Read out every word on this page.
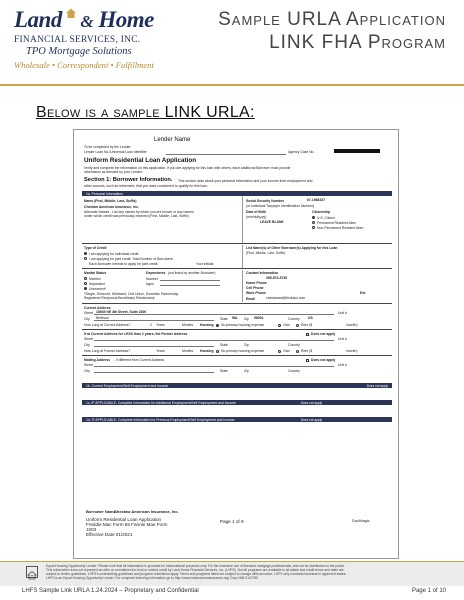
Land & Home
FINANCIAL SERVICES, INC.
TPO Mortgage Solutions
Wholesale • Correspondent • Fulfillment
Sample URLA Application
LINK FHA Program
Below is a sample LINK URLA:
Lender Name
To be completed by the Lender:
Lender Loan No./Universal Loan Identifier	Agency Case No.
Uniform Residential Loan Application
Verify and complete the information on this application. If you are applying for this loan with others, each additional Borrower must provide
information as directed by your Lender.
Section 1: Borrower Information. This section asks about your personal information and your income from employment and
other sources, such as retirement, that you want considered to qualify for this loan.
1a. Personal Information
Name (First, Middle, Last, Suffix)
Chectaw American Insurance, Inc.
Alternate Names - List any names by which you are known or any names
under which credit was previously received (First, Middle, Last, Suffix)
Social Security Number	67-1968337
(or Individual Taxpayer Identification Number)
Date of Birth
(mm/dd/yyyy)
LEAVE BLANK
Citizenship
U.S. Citizen
Permanent Resident Alien
Non-Permanent Resident Alien
Type of Credit
I am applying for individual credit.
I am applying for joint credit. Total Number of Borrowers:
Each Borrower intends to apply for joint credit.	Your initials:
List Name(s) of Other Borrower(s) Applying for this Loan
(First, Middle, Last, Suffix)
Marital Status
Married
Separated
Unmarried*
*Single, Divorced, Widowed, Civil Union, Domestic Partnership,
Registered Reciprocal Beneficiary Relationship
Dependents (not listed by another Borrower)
Number
Ages
Contact Information
355-873-5745
Home Phone
Cell Phone
Work Phone	Ext.
Email	chectawsai@frinksko.com
Current Address
Street 18945 NE 4th Street, Suite 2300	Unit #
City Bellevue	State WA Zip 98004	Country US
How Long at Current Address?	2 Years	Months Housing No primary housing expense	Own	Rent ($	/month)
If at Current Address for LESS than 2 years, list Former Address	Does not apply
Street	Unit #
City	State	Zip	Country
How Long at Former Address?	Years	Months Housing No primary housing expense	Own	Rent ($	/month)
Mailing Address - if different from Current Address	Does not apply
Street	Unit #
City	State	Zip	Country
1b. Current Employment/Self-Employment and Income	Does not apply
1c. IF APPLICABLE, Complete Information for Additional Employment/Self Employment and Income	Does not apply
1d. IF APPLICABLE, Complete Information for Previous Employment/Self Employment and Income	Does not apply
Borrower Name:
Chectaw American Insurance, Inc.
Uniform Residential Loan Application
Freddie Mac Form 65 Fannie Mae Form
1003
Effective Date 01/2021
Page 1 of 9	DocMagic
Equal Housing Opportunity Lender. Please note that all information is provided for informational purposes only. For the exclusive use of licensed mortgage professionals, and not for distribution to the public.
This information does not represent an offer or commitment to lend or extend credit by Land Home Financial Services, Inc. (LHFS). Not all programs are available in all states and credit terms and rates are
subject to lender guidelines. LHFS's underwriting guidelines and program restrictions apply. Terms and programs listed are subject to change without notice. LHFS only conducts business in approved states.
LHFS is an Equal Housing Opportunity Lender. For complete licensing information go to http://www.nmlsconsumeraccess.org/ Corp NMLS #2789.
LHFS Sample Link URLA 1.24.2024 – Proprietary and Confidential	Page 1 of 10
